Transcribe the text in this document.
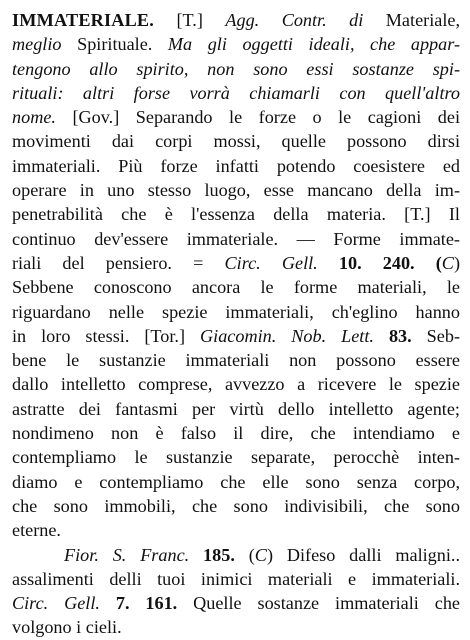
IMMATERIALE. [T.] Agg. Contr. di Materiale,
meglio Spirituale. Ma gli oggetti ideali, che appar-
tengono allo spirito, non sono essi sostanze spi-
rituali: altri forse vorrà chiamarli con quell'altro
nome. [Gov.] Separando le forze o le cagioni dei
movimenti dai corpi mossi, quelle possono dirsi
immateriali. Più forze infatti potendo coesistere ed
operare in uno stesso luogo, esse mancano della im-
penetrabilità che è l'essenza della materia. [T.] Il
continuo dev'essere immateriale. — Forme immate-
riali del pensiero. = Circ. Gell. 10. 240. (C)
Sebbene conoscono ancora le forme materiali, le
riguardano nelle spezie immateriali, ch'eglino hanno
in loro stessi. [Tor.] Giacomin. Nob. Lett. 83. Seb-
bene le sustanzie immateriali non possono essere
dallo intelletto comprese, avvezzo a ricevere le spezie
astratte dei fantasmi per virtù dello intelletto agente;
nondimeno non è falso il dire, che intendiamo e
contempliamo le sustanzie separate, perocchè inten-
diamo e contempliamo che elle sono senza corpo,
che sono immobili, che sono indivisibili, che sono
eterne.
Fior. S. Franc. 185. (C) Difeso dalli maligni..
assalimenti delli tuoi inimici materiali e immateriali.
Circ. Gell. 7. 161. Quelle sostanze immateriali che
volgono i cieli.
